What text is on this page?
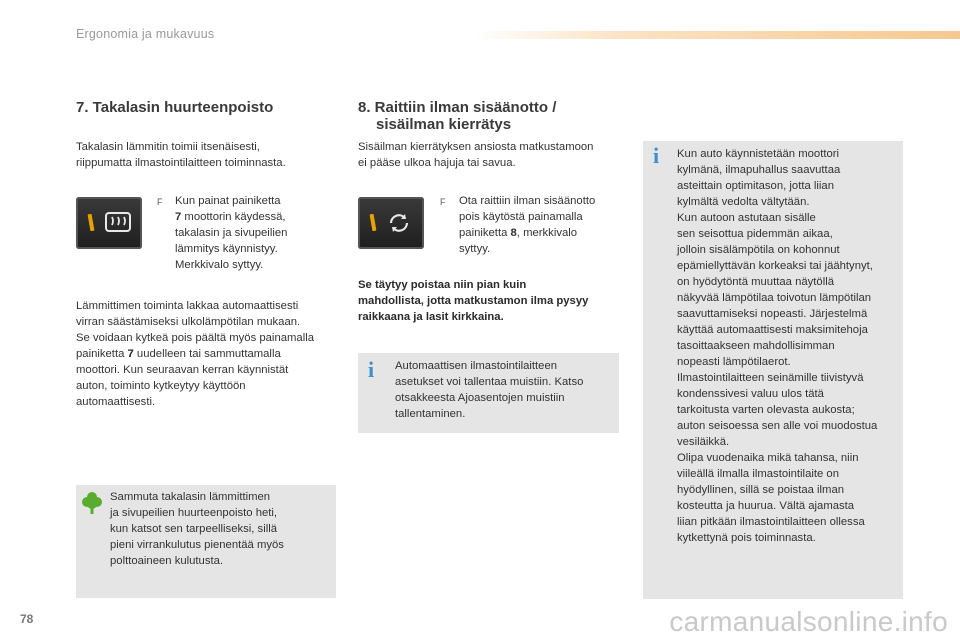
Ergonomia ja mukavuus
7. Takalasin huurteenpoisto
Takalasin lämmitin toimii itsenäisesti,
riippumatta ilmastointilaitteen toiminnasta.
F Kun painat painiketta
7 moottorin käydessä,
takalasin ja sivupeilien
lämmitys käynnistyy.
Merkkivalo syttyy.
Lämmittimen toiminta lakkaa automaattisesti
virran säästämiseksi ulkolämpötilan mukaan.
Se voidaan kytkeä pois päältä myös painamalla
painiketta 7 uudelleen tai sammuttamalla
moottori. Kun seuraavan kerran käynnistät
auton, toiminto kytkeytyy käyttöön
automaattisesti.
Sammuta takalasin lämmittimen
ja sivupeilien huurteenpoisto heti,
kun katsot sen tarpeelliseksi, sillä
pieni virrankulutus pienentää myös
polttoaineen kulutusta.
8. Raittiin ilman sisäänotto /
sisäilman kierrätys
Sisäilman kierrätyksen ansiosta matkustamoon
ei pääse ulkoa hajuja tai savua.
F Ota raittiin ilman sisäänotto
pois käytöstä painamalla
painiketta 8, merkkivalo
syttyy.
Se täytyy poistaa niin pian kuin
mahdollista, jotta matkustamon ilma pysyy
raikkaana ja lasit kirkkaina.
i Automaattisen ilmastointilaitteen
asetukset voi tallentaa muistiin. Katso
otsakkeesta Ajoasentojen muistiin
tallentaminen.
i Kun auto käynnistetään moottori
kylmänä, ilmapuhallus saavuttaa
asteittain optimitason, jotta liian
kylmältä vedolta vältytään.
Kun autoon astutaan sisälle
sen seisottua pidemmän aikaa,
jolloin sisälämpötila on kohonnut
epämiellyttävän korkeaksi tai jäähtynyt,
on hyödytöntä muuttaa näytöllä
näkyvää lämpötilaa toivotun lämpötilan
saavuttamiseksi nopeasti. Järjestelmä
käyttää automaattisesti maksimitehoja
tasoittaakseen mahdollisimman
nopeasti lämpötilaerot.
Ilmastointilaitteen seinämille tiivistyvä
kondenssivesi valuu ulos tätä
tarkoitusta varten olevasta aukosta;
auton seisoessa sen alle voi muodostua
vesiläikkä.
Olipa vuodenaika mikä tahansa, niin
viileällä ilmalla ilmastointilaite on
hyödyllinen, sillä se poistaa ilman
kosteutta ja huurua. Vältä ajamasta
liian pitkään ilmastointilaitteen ollessa
kytkettynä pois toiminnasta.
78	carmanualsonline.info
